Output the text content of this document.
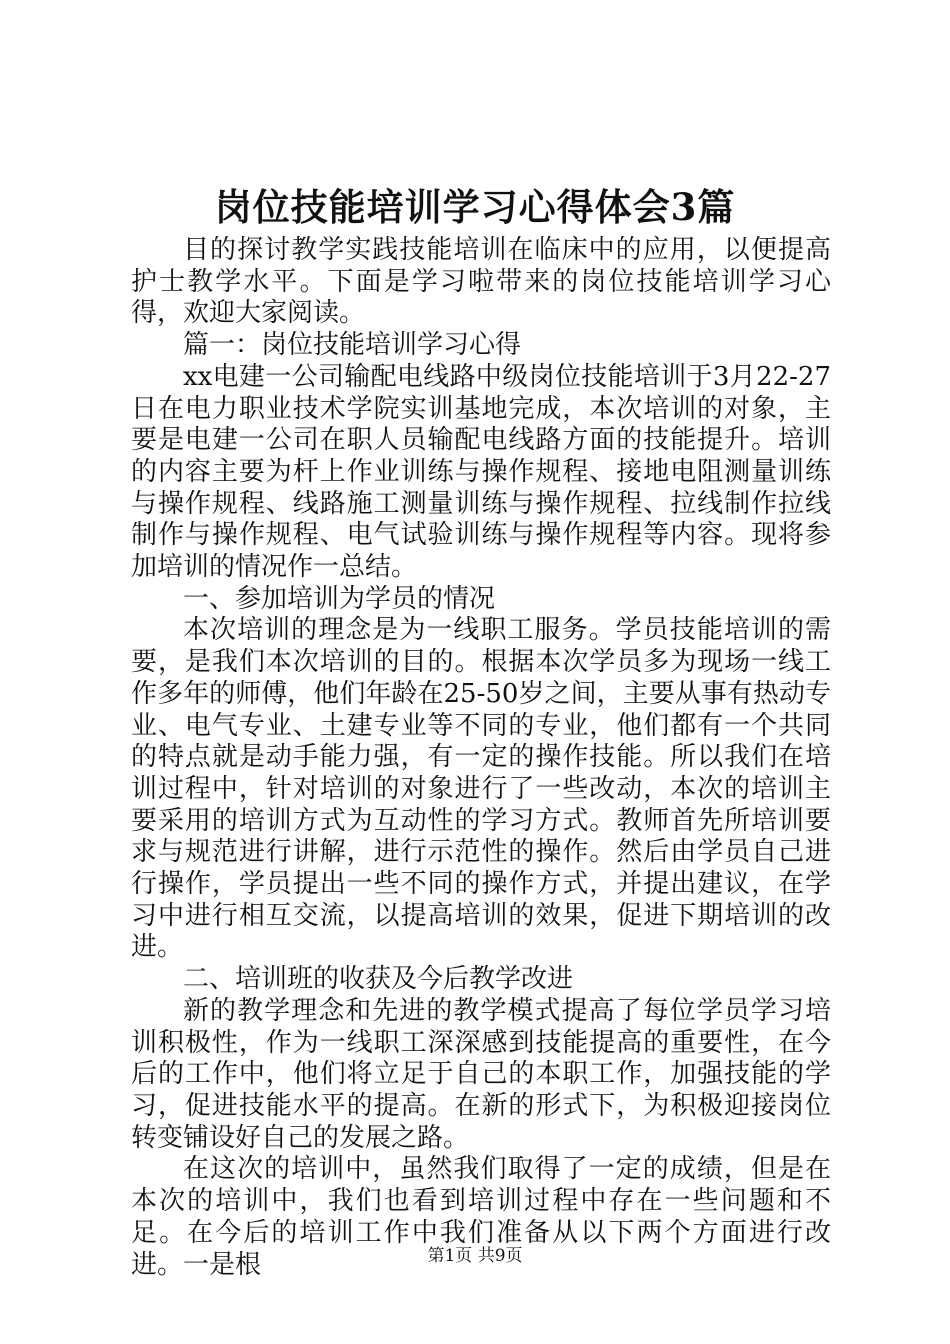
岗位技能培训学习心得体会3篇

目的探讨教学实践技能培训在临床中的应用，以便提高护士教学水平。下面是学习啦带来的岗位技能培训学习心得，欢迎大家阅读。

篇一：岗位技能培训学习心得

xx电建一公司输配电线路中级岗位技能培训于3月22-27日在电力职业技术学院实训基地完成，本次培训的对象，主要是电建一公司在职人员输配电线路方面的技能提升。培训的内容主要为杆上作业训练与操作规程、接地电阻测量训练与操作规程、线路施工测量训练与操作规程、拉线制作拉线制作与操作规程、电气试验训练与操作规程等内容。现将参加培训的情况作一总结。

一、参加培训为学员的情况

本次培训的理念是为一线职工服务。学员技能培训的需要，是我们本次培训的目的。根据本次学员多为现场一线工作多年的师傅，他们年龄在25-50岁之间，主要从事有热动专业、电气专业、土建专业等不同的专业，他们都有一个共同的特点就是动手能力强，有一定的操作技能。所以我们在培训过程中，针对培训的对象进行了一些改动，本次的培训主要采用的培训方式为互动性的学习方式。教师首先所培训要求与规范进行讲解，进行示范性的操作。然后由学员自己进行操作，学员提出一些不同的操作方式，并提出建议，在学习中进行相互交流，以提高培训的效果，促进下期培训的改进。

二、培训班的收获及今后教学改进

新的教学理念和先进的教学模式提高了每位学员学习培训积极性，作为一线职工深深感到技能提高的重要性，在今后的工作中，他们将立足于自己的本职工作，加强技能的学习，促进技能水平的提高。在新的形式下，为积极迎接岗位转变铺设好自己的发展之路。

在这次的培训中，虽然我们取得了一定的成绩，但是在本次的培训中，我们也看到培训过程中存在一些问题和不足。在今后的培训工作中我们准备从以下两个方面进行改进。一是根	第1页 共9页
